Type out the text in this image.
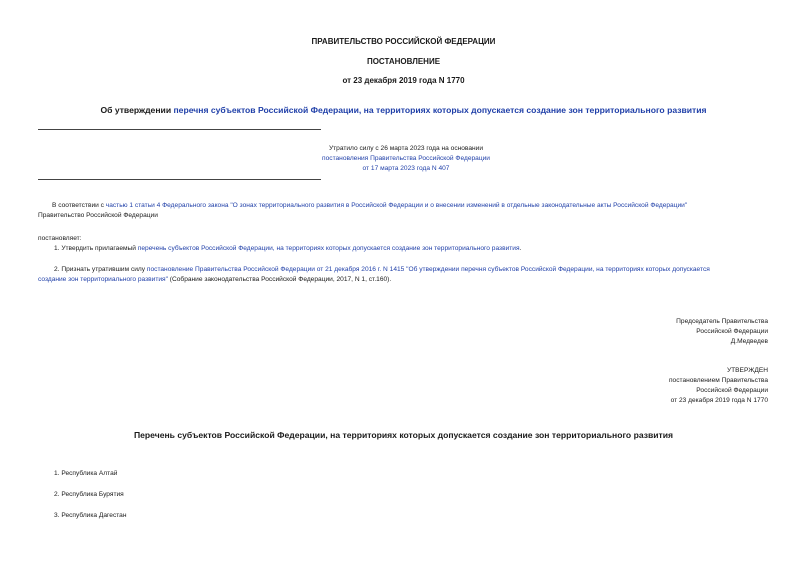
ПРАВИТЕЛЬСТВО РОССИЙСКОЙ ФЕДЕРАЦИИ
ПОСТАНОВЛЕНИЕ
от 23 декабря 2019 года N 1770
Об утверждении перечня субъектов Российской Федерации, на территориях которых допускается создание зон территориального развития
Утратило силу с 26 марта 2023 года на основании
постановления Правительства Российской Федерации
от 17 марта 2023 года N 407
В соответствии с частью 1 статьи 4 Федерального закона "О зонах территориального развития в Российской Федерации и о внесении изменений в отдельные законодательные акты Российской Федерации"
Правительство Российской Федерации
постановляет:
1. Утвердить прилагаемый перечень субъектов Российской Федерации, на территориях которых допускается создание зон территориального развития.
2. Признать утратившим силу постановление Правительства Российской Федерации от 21 декабря 2016 г. N 1415 "Об утверждении перечня субъектов Российской Федерации, на территориях которых допускается
создание зон территориального развития" (Собрание законодательства Российской Федерации, 2017, N 1, ст.160).
Председатель Правительства
Российской Федерации
Д.Медведев
УТВЕРЖДЕН
постановлением Правительства
Российской Федерации
от 23 декабря 2019 года N 1770
Перечень субъектов Российской Федерации, на территориях которых допускается создание зон территориального развития
1. Республика Алтай
2. Республика Бурятия
3. Республика Дагестан
